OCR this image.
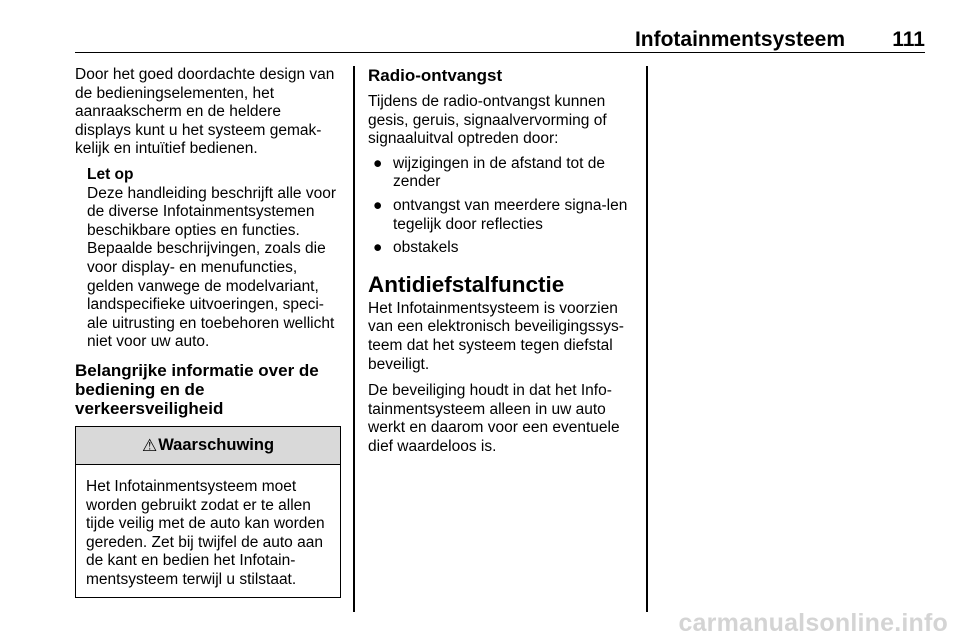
Infotainmentsysteem 111

Door het goed doordachte design van de bedieningselementen, het aanraakscherm en de heldere displays kunt u het systeem gemak-kelijk en intuïtief bedienen.

Let op
Deze handleiding beschrijft alle voor de diverse Infotainmentsystemen beschikbare opties en functies. Bepaalde beschrijvingen, zoals die voor display- en menufuncties, gelden vanwege de modelvariant, landspecifieke uitvoeringen, speci-ale uitrusting en toebehoren wellicht niet voor uw auto.
Belangrijke informatie over de bediening en de verkeersveiligheid
⚠Waarschuwing
Het Infotainmentsysteem moet worden gebruikt zodat er te allen tijde veilig met de auto kan worden gereden. Zet bij twijfel de auto aan de kant en bedien het Infotain-mentsysteem terwijl u stilstaat.
Radio-ontvangst

Tijdens de radio-ontvangst kunnen gesis, geruis, signaalvervorming of signaaluitval optreden door:

● wijzigingen in de afstand tot de zender
● ontvangst van meerdere signa-len tegelijk door reflecties
● obstakels
Antidiefstalfunctie

Het Infotainmentsysteem is voorzien van een elektronisch beveiligingssys-teem dat het systeem tegen diefstal beveiligt.

De beveiliging houdt in dat het Info-tainmentsysteem alleen in uw auto werkt en daarom voor een eventuele dief waardeloos is.

carmanualsonline.info
